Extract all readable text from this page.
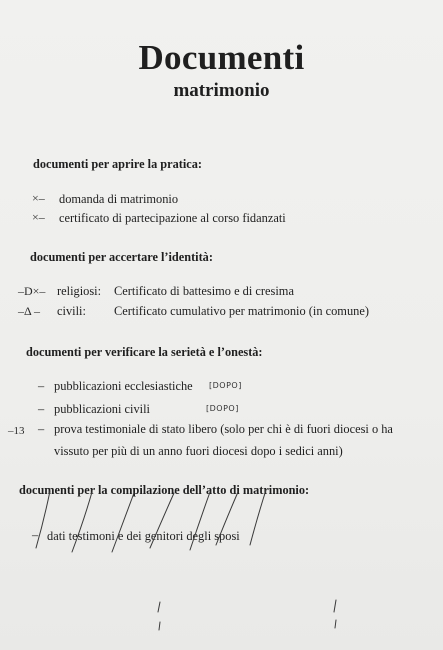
Documenti
matrimonio
documenti per aprire la pratica:
×– domanda di matrimonio
×– certificato di partecipazione al corso fidanzati
documenti per accertare l’identità:
–D×– religiosi: Certificato di battesimo e di cresima
–Δ – civili: Certificato cumulativo per matrimonio (in comune)
documenti per verificare la serietà e l’onestà:
– pubblicazioni ecclesiastiche [DOPO]
– pubblicazioni civili	[DOPO]
–13 – prova testimoniale di stato libero (solo per chi è di fuori diocesi o ha
vissuto per più di un anno fuori diocesi dopo i sedici anni)
documenti per la compilazione dell’atto di matrimonio:
– dati testimoni e dei genitori degli sposi
